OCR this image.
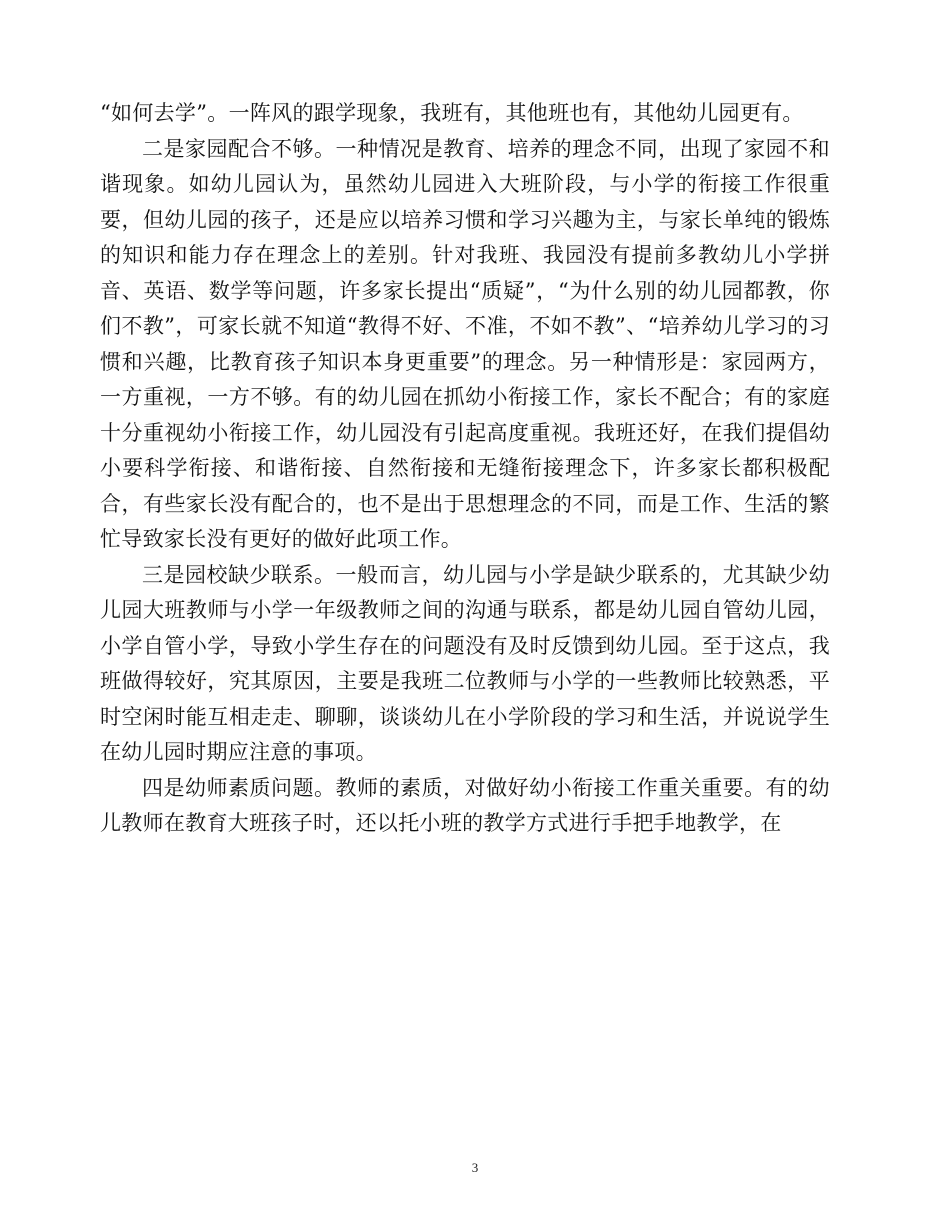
“如何去学”。一阵风的跟学现象，我班有，其他班也有，其他幼儿园更有。

二是家园配合不够。一种情况是教育、培养的理念不同，出现了家园不和谐现象。如幼儿园认为，虽然幼儿园进入大班阶段，与小学的衔接工作很重要，但幼儿园的孩子，还是应以培养习惯和学习兴趣为主，与家长单纯的锻炼的知识和能力存在理念上的差别。针对我班、我园没有提前多教幼儿小学拼音、英语、数学等问题，许多家长提出“质疑”，“为什么别的幼儿园都教，你们不教”，可家长就不知道“教得不好、不准，不如不教”、“培养幼儿学习的习惯和兴趣，比教育孩子知识本身更重要”的理念。另一种情形是：家园两方，一方重视，一方不够。有的幼儿园在抓幼小衔接工作，家长不配合；有的家庭十分重视幼小衔接工作，幼儿园没有引起高度重视。我班还好，在我们提倡幼小要科学衔接、和谐衔接、自然衔接和无缝衔接理念下，许多家长都积极配合，有些家长没有配合的，也不是出于思想理念的不同，而是工作、生活的繁忙导致家长没有更好的做好此项工作。

三是园校缺少联系。一般而言，幼儿园与小学是缺少联系的，尤其缺少幼儿园大班教师与小学一年级教师之间的沟通与联系，都是幼儿园自管幼儿园，小学自管小学，导致小学生存在的问题没有及时反馈到幼儿园。至于这点，我班做得较好，究其原因，主要是我班二位教师与小学的一些教师比较熟悉，平时空闲时能互相走走、聊聊，谈谈幼儿在小学阶段的学习和生活，并说说学生在幼儿园时期应注意的事项。

四是幼师素质问题。教师的素质，对做好幼小衔接工作重关重要。有的幼儿教师在教育大班孩子时，还以托小班的教学方式进行手把手地教学，在

3
